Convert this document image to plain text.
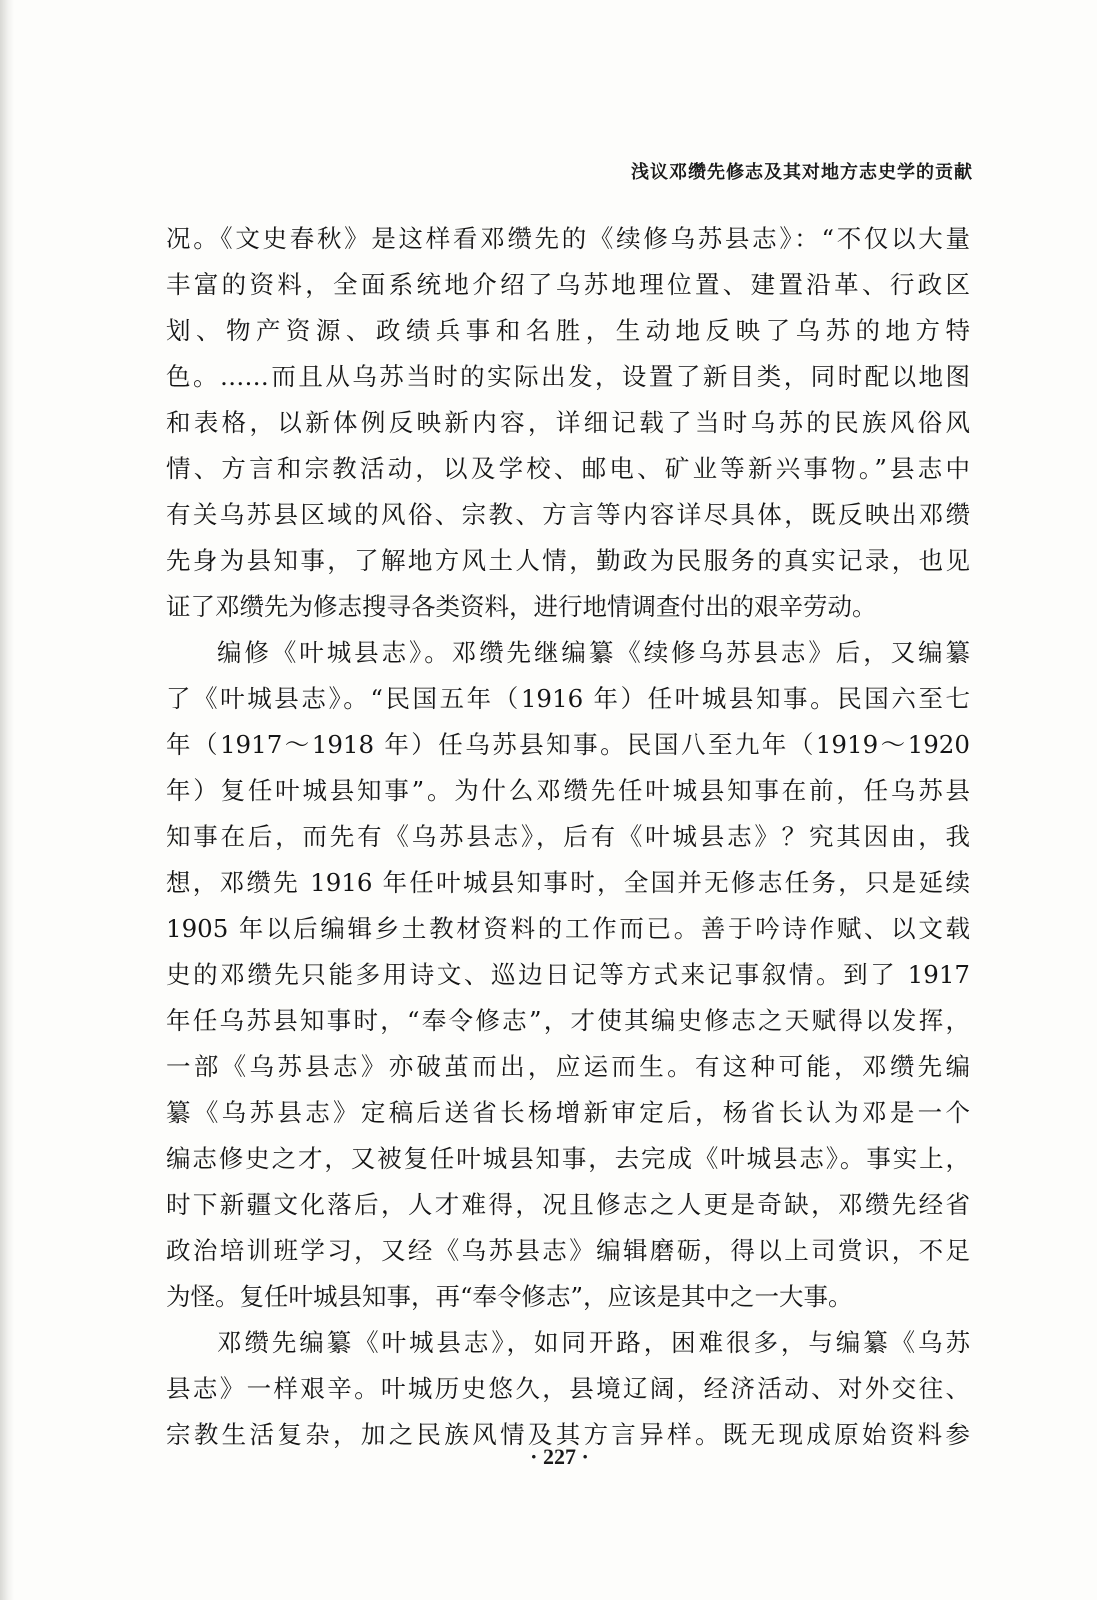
浅议邓缵先修志及其对地方志史学的贡献
况。《文史春秋》是这样看邓缵先的《续修乌苏县志》：“不仅以大量
丰富的资料，全面系统地介绍了乌苏地理位置、建置沿革、行政区
划、物产资源、政绩兵事和名胜，生动地反映了乌苏的地方特
色。……而且从乌苏当时的实际出发，设置了新目类，同时配以地图
和表格，以新体例反映新内容，详细记载了当时乌苏的民族风俗风
情、方言和宗教活动，以及学校、邮电、矿业等新兴事物。”县志中
有关乌苏县区域的风俗、宗教、方言等内容详尽具体，既反映出邓缵
先身为县知事，了解地方风土人情，勤政为民服务的真实记录，也见
证了邓缵先为修志搜寻各类资料，进行地情调查付出的艰辛劳动。
编修《叶城县志》。邓缵先继编纂《续修乌苏县志》后，又编纂
了《叶城县志》。“民国五年（1916 年）任叶城县知事。民国六至七
年（1917～1918 年）任乌苏县知事。民国八至九年（1919～1920
年）复任叶城县知事”。为什么邓缵先任叶城县知事在前，任乌苏县
知事在后，而先有《乌苏县志》，后有《叶城县志》？究其因由，我
想，邓缵先 1916 年任叶城县知事时，全国并无修志任务，只是延续
1905 年以后编辑乡土教材资料的工作而已。善于吟诗作赋、以文载
史的邓缵先只能多用诗文、巡边日记等方式来记事叙情。到了 1917
年任乌苏县知事时，“奉令修志”，才使其编史修志之天赋得以发挥，
一部《乌苏县志》亦破茧而出，应运而生。有这种可能，邓缵先编
纂《乌苏县志》定稿后送省长杨增新审定后，杨省长认为邓是一个
编志修史之才，又被复任叶城县知事，去完成《叶城县志》。事实上，
时下新疆文化落后，人才难得，况且修志之人更是奇缺，邓缵先经省
政治培训班学习，又经《乌苏县志》编辑磨砺，得以上司赏识，不足
为怪。复任叶城县知事，再“奉令修志”，应该是其中之一大事。
邓缵先编纂《叶城县志》，如同开路，困难很多，与编纂《乌苏
县志》一样艰辛。叶城历史悠久，县境辽阔，经济活动、对外交往、
宗教生活复杂，加之民族风情及其方言异样。既无现成原始资料参
· 227 ·
